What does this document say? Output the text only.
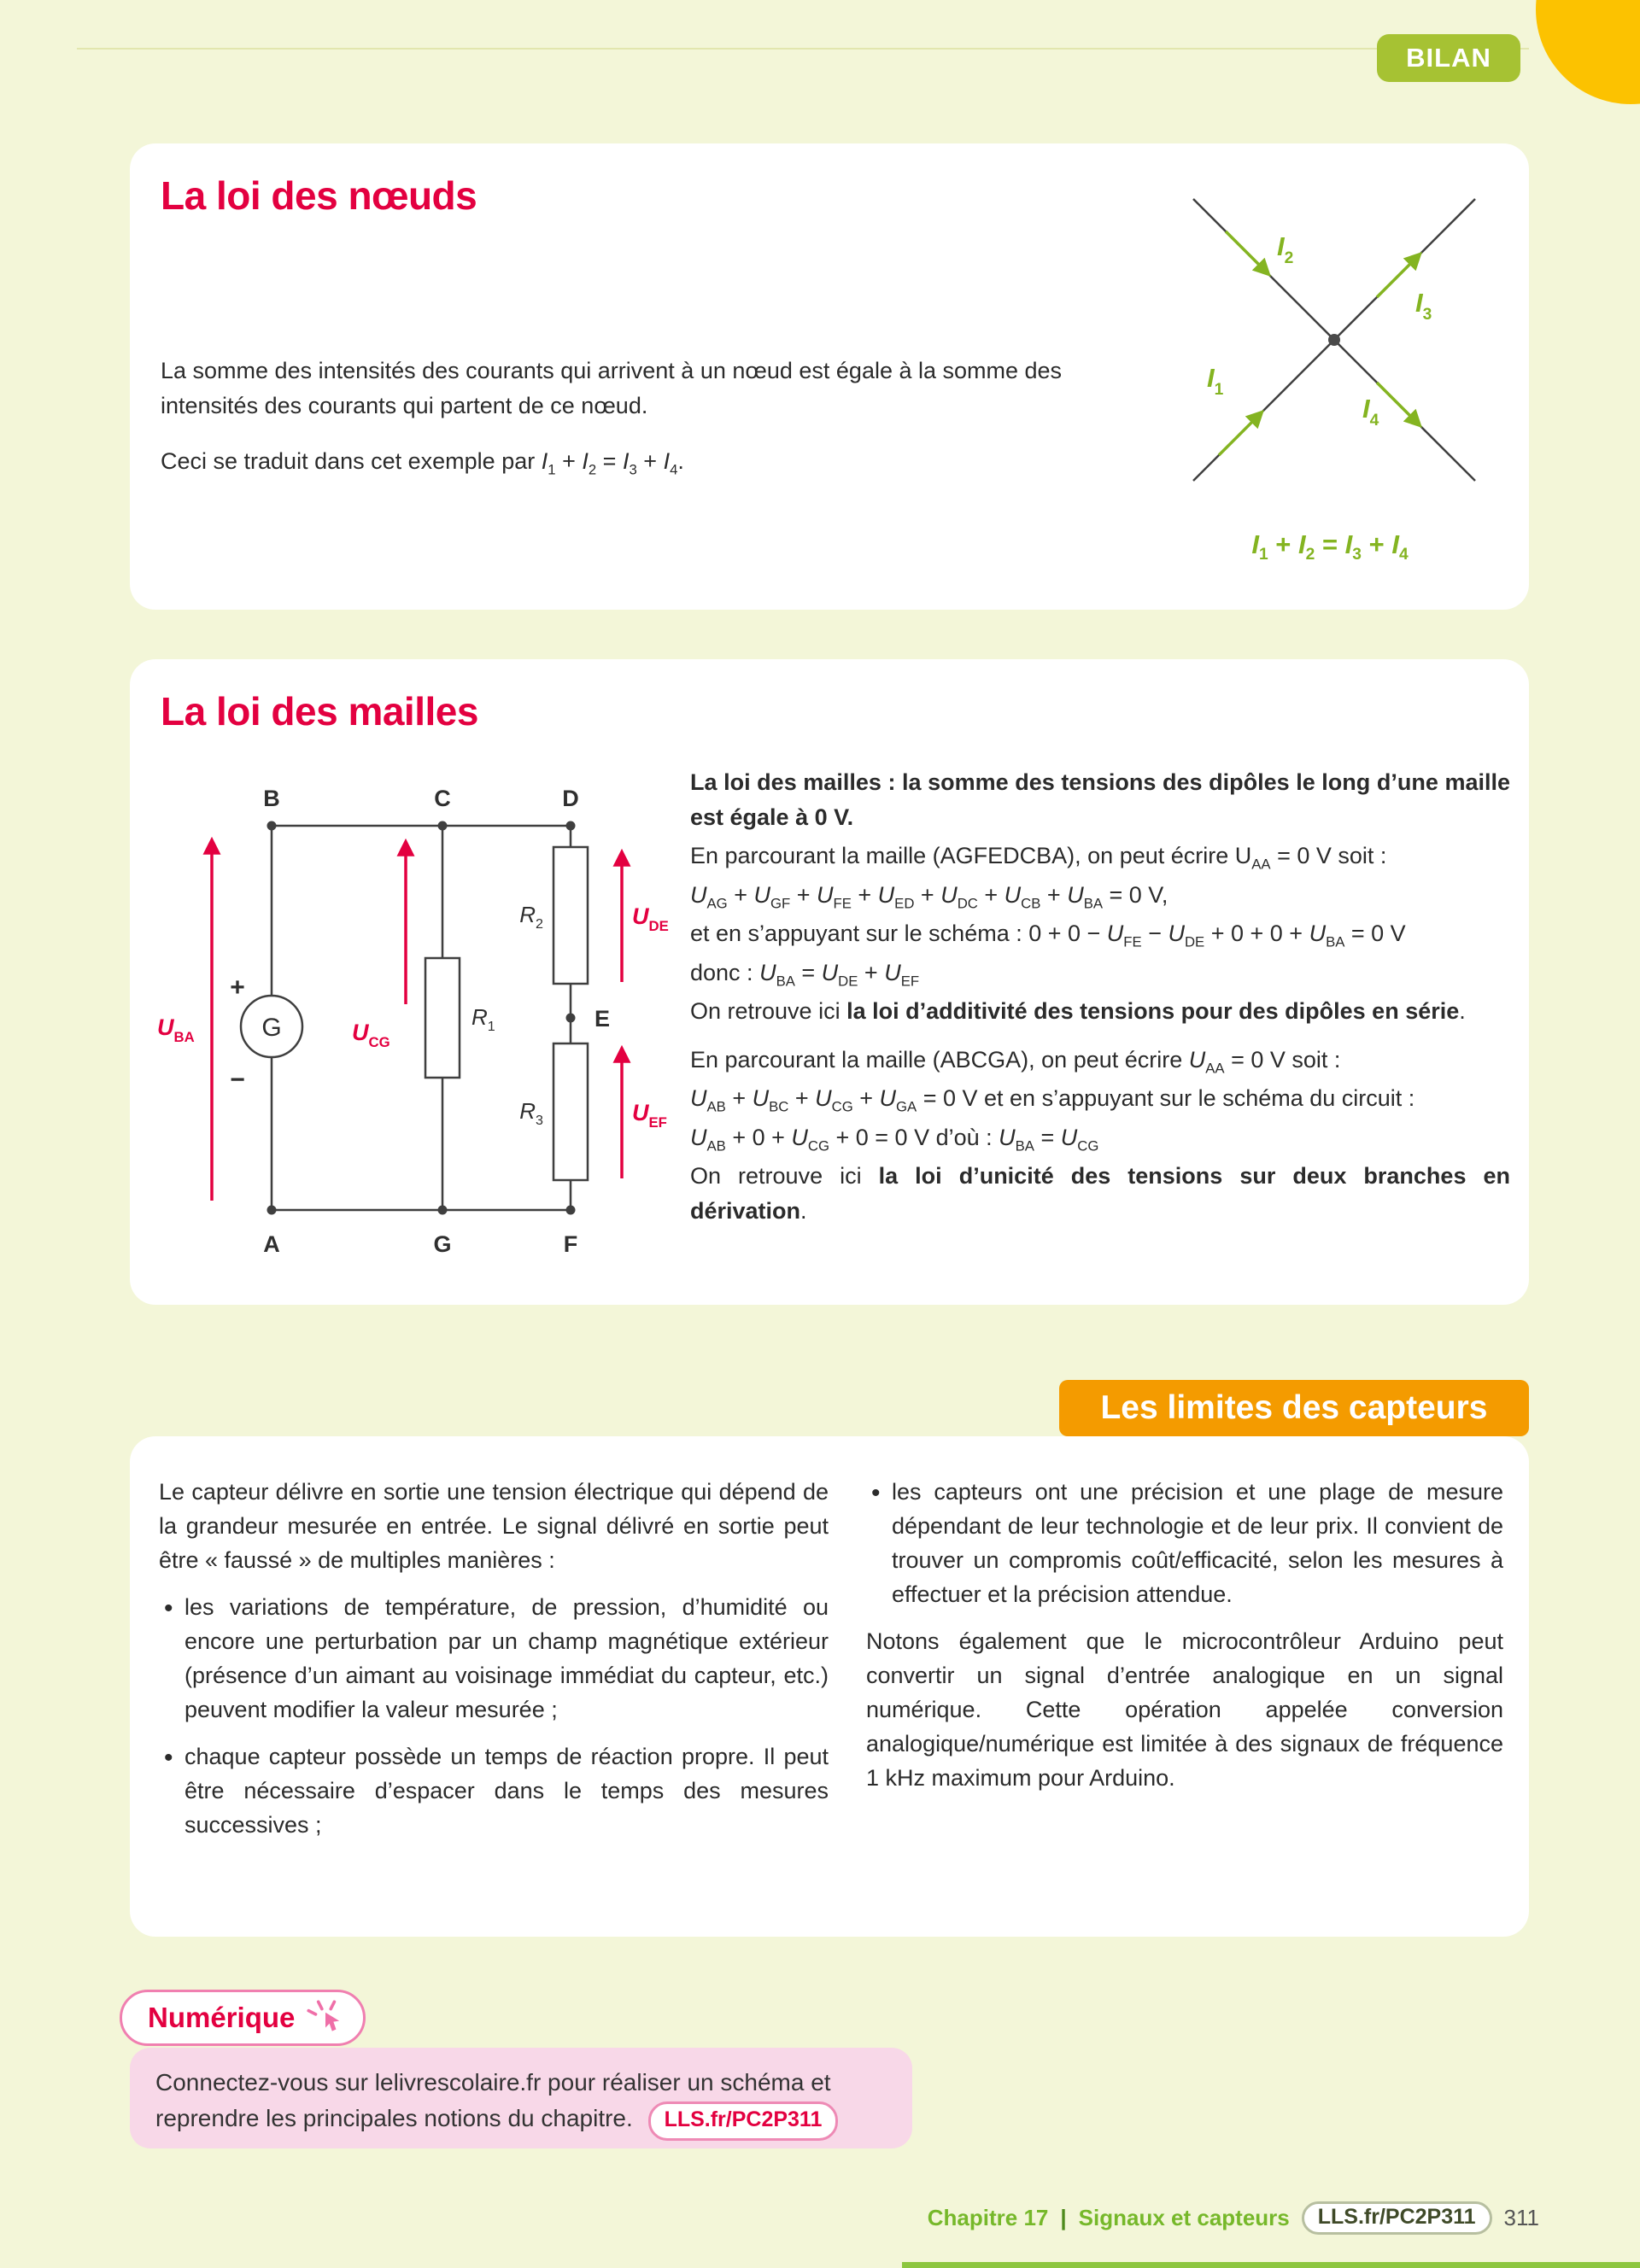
BILAN
La loi des nœuds

La somme des intensités des courants qui arrivent à un nœud est égale à la somme des intensités des courants qui partent de ce nœud.

Ceci se traduit dans cet exemple par $I_1 + I_2 = I_3 + I_4$.

$I_2$
$I_3$
$I_1$
$I_4$
$I_1 + I_2 = I_3 + I_4$
La loi des mailles
G
+
−
B	C	D
A	G	F
E
$R_2$
$R_1$
$R_3$
$U_{BA}$	$U_{CG}$
$U_{DE}$
$U_{EF}$

La loi des mailles : la somme des tensions des dipôles le long d’une maille est égale à 0 V.

En parcourant la maille (AGFEDCBA), on peut écrire $U_{AA} = 0$ V soit :

$U_{AG} + U_{GF} + U_{FE} + U_{ED} + U_{DC} + U_{CB} + U_{BA} = 0$ V,

et en s’appuyant sur le schéma : $0 + 0 - U_{FE} - U_{DE} + 0 + 0 + U_{BA} = 0$ V

donc : $U_{BA} = U_{DE} + U_{EF}$

On retrouve ici la loi d’additivité des tensions pour des dipôles en série.

En parcourant la maille (ABCGA), on peut écrire $U_{AA} = 0$ V soit :

$U_{AB} + U_{BC} + U_{CG} + U_{GA} = 0$ V et en s’appuyant sur le schéma du circuit :

$U_{AB} + 0 + U_{CG} + 0 = 0$ V d’où : $U_{BA} = U_{CG}$

On retrouve ici la loi d’unicité des tensions sur deux branches en dérivation.

Les limites des capteurs

Le capteur délivre en sortie une tension électrique qui dépend de la grandeur mesurée en entrée. Le signal délivré en sortie peut être « faussé » de multiples manières :

• les variations de température, de pression, d’humidité ou encore une perturbation par un champ magnétique extérieur (présence d’un aimant au voisinage immédiat du capteur, etc.) peuvent modifier la valeur mesurée ;
• chaque capteur possède un temps de réaction propre. Il peut être nécessaire d’espacer dans le temps des mesures successives ;
• les capteurs ont une précision et une plage de mesure dépendant de leur technologie et de leur prix. Il convient de trouver un compromis coût/efficacité, selon les mesures à effectuer et la précision attendue.

Notons également que le microcontrôleur Arduino peut convertir un signal d’entrée analogique en un signal numérique. Cette opération appelée conversion analogique/numérique est limitée à des signaux de fréquence 1 kHz maximum pour Arduino.

Numérique

Connectez-vous sur lelivrescolaire.fr pour réaliser un schéma et reprendre les principales notions du chapitre. LLS.fr/PC2P311

Chapitre 17 | Signaux et capteurs	LLS.fr/PC2P311	311
